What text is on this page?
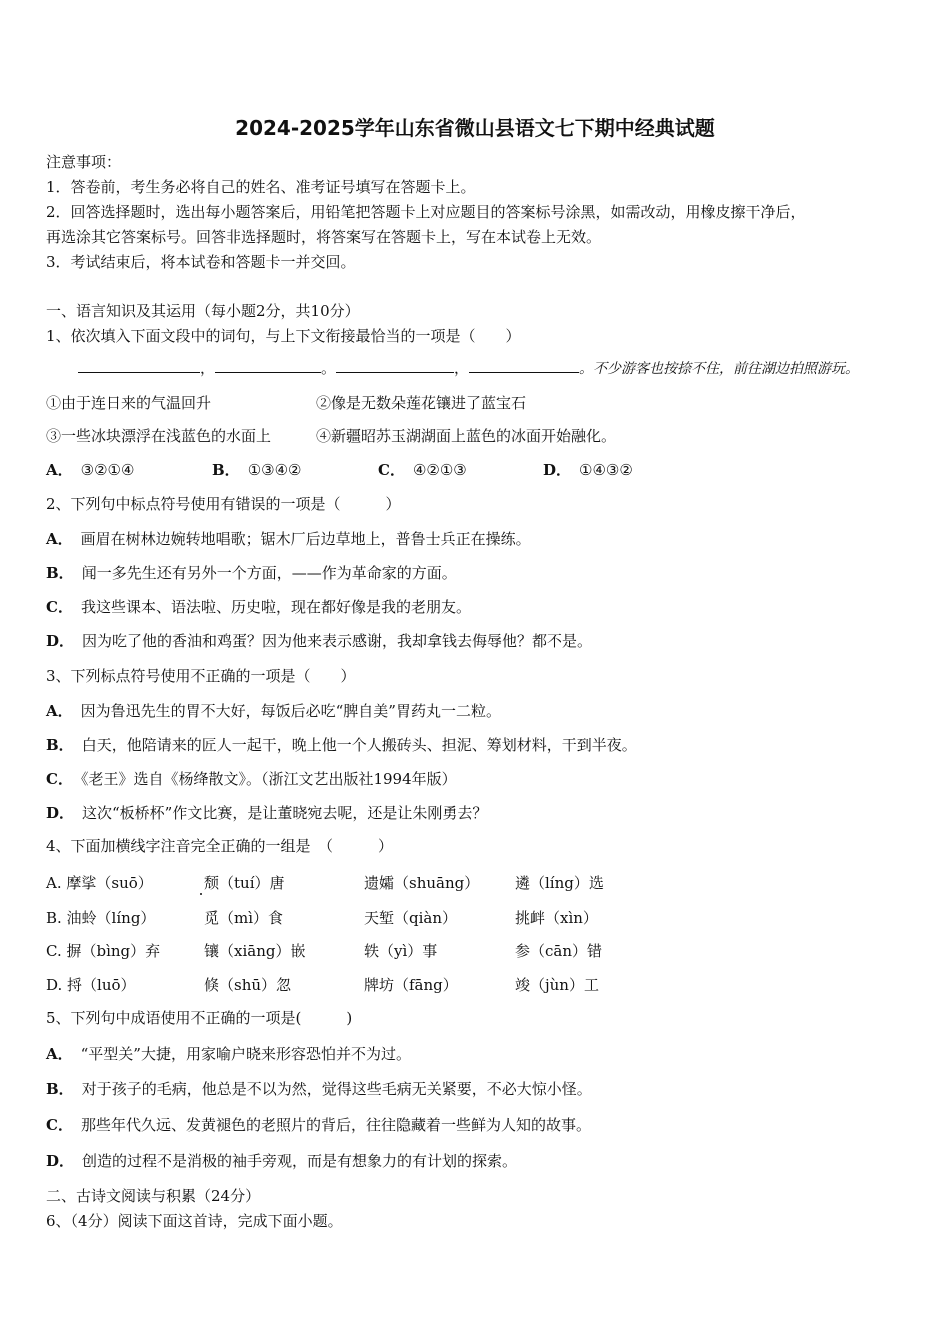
2024-2025学年山东省微山县语文七下期中经典试题
注意事项：
1．答卷前，考生务必将自己的姓名、准考证号填写在答题卡上。
2．回答选择题时，选出每小题答案后，用铅笔把答题卡上对应题目的答案标号涂黑，如需改动，用橡皮擦干净后，
再选涂其它答案标号。回答非选择题时，将答案写在答题卡上，写在本试卷上无效。
3．考试结束后，将本试卷和答题卡一并交回。
一、语言知识及其运用（每小题2分，共10分）
1、依次填入下面文段中的词句，与上下文衔接最恰当的一项是（　　）
，	。	，	。不少游客也按捺不住，前往湖边拍照游玩。
①由于连日来的气温回升	②像是无数朵莲花镶进了蓝宝石
③一些冰块漂浮在浅蓝色的水面上	④新疆昭苏玉湖湖面上蓝色的冰面开始融化。
A． ③②①④	B． ①③④②	C． ④②①③	D． ①④③②
2、下列句中标点符号使用有错误的一项是（　　　）
A． 画眉在树林边婉转地唱歌；锯木厂后边草地上，普鲁士兵正在操练。
B． 闻一多先生还有另外一个方面，——作为革命家的方面。
C． 我这些课本、语法啦、历史啦，现在都好像是我的老朋友。
D． 因为吃了他的香油和鸡蛋？因为他来表示感谢，我却拿钱去侮辱他？都不是。
3、下列标点符号使用不正确的一项是（　　）
A． 因为鲁迅先生的胃不大好，每饭后必吃“脾自美”胃药丸一二粒。
B． 白天，他陪请来的匠人一起干，晚上他一个人搬砖头、担泥、筹划材料，干到半夜。
C． 《老王》选自《杨绛散文》。（浙江文艺出版社1994年版）
D． 这次“板桥杯”作文比赛，是让董晓宛去呢，还是让朱刚勇去？
4、下面加横线字注音完全正确的一组是　（　　　）
A. 摩挲（suō）	颓（tuí）唐	遗孀（shuāng） 遴（líng）选
B. 油蛉（líng）	觅（mì）食	天堑（qiàn）	挑衅（xìn）
C. 摒（bìng）弃	镶（xiāng）嵌	轶（yì）事	参（cān）错
D. 捋（luō）	倏（shū）忽	牌坊（fāng）	竣（jùn）工
5、下列句中成语使用不正确的一项是(　　　)
A． “平型关”大捷，用家喻户晓来形容恐怕并不为过。
B． 对于孩子的毛病，他总是不以为然，觉得这些毛病无关紧要，不必大惊小怪。
C． 那些年代久远、发黄褪色的老照片的背后，往往隐藏着一些鲜为人知的故事。
D． 创造的过程不是消极的袖手旁观，而是有想象力的有计划的探索。
二、古诗文阅读与积累（24分）
6、（4分）阅读下面这首诗，完成下面小题。
